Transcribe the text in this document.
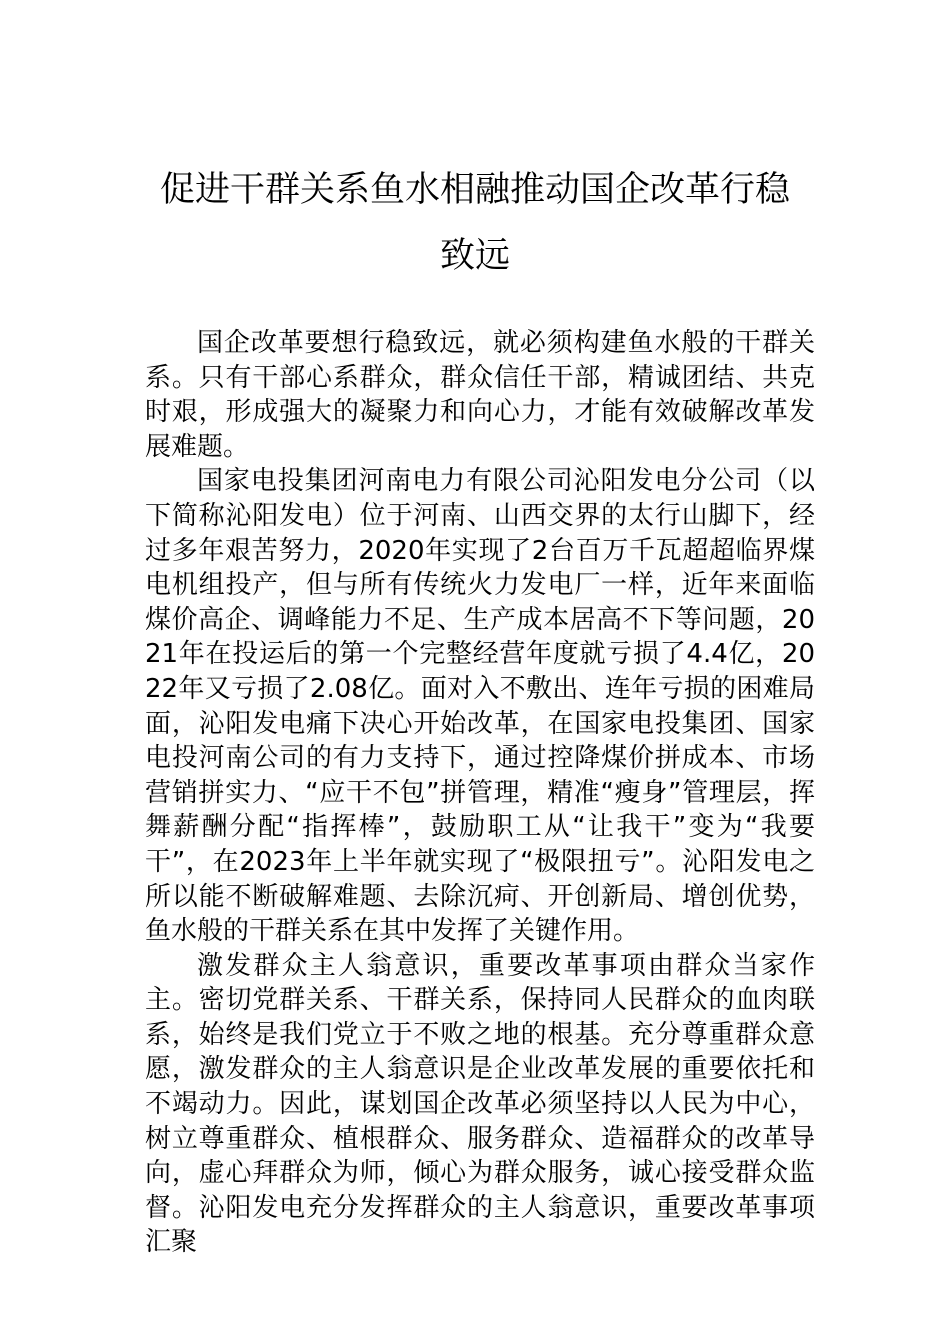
促进干群关系鱼水相融推动国企改革行稳
致远

国企改革要想行稳致远，就必须构建鱼水般的干群关系。只有干部心系群众，群众信任干部，精诚团结、共克时艰，形成强大的凝聚力和向心力，才能有效破解改革发展难题。

国家电投集团河南电力有限公司沁阳发电分公司（以下简称沁阳发电）位于河南、山西交界的太行山脚下，经过多年艰苦努力，2020年实现了2台百万千瓦超超临界煤电机组投产，但与所有传统火力发电厂一样，近年来面临煤价高企、调峰能力不足、生产成本居高不下等问题，2021年在投运后的第一个完整经营年度就亏损了4.4亿，2022年又亏损了2.08亿。面对入不敷出、连年亏损的困难局面，沁阳发电痛下决心开始改革，在国家电投集团、国家电投河南公司的有力支持下，通过控降煤价拼成本、市场营销拼实力、“应干不包”拼管理，精准“瘦身”管理层，挥舞薪酬分配“指挥棒”，鼓励职工从“让我干”变为“我要干”，在2023年上半年就实现了“极限扭亏”。沁阳发电之所以能不断破解难题、去除沉疴、开创新局、增创优势，鱼水般的干群关系在其中发挥了关键作用。

激发群众主人翁意识，重要改革事项由群众当家作主。密切党群关系、干群关系，保持同人民群众的血肉联系，始终是我们党立于不败之地的根基。充分尊重群众意愿，激发群众的主人翁意识是企业改革发展的重要依托和不竭动力。因此，谋划国企改革必须坚持以人民为中心，树立尊重群众、植根群众、服务群众、造福群众的改革导向，虚心拜群众为师，倾心为群众服务，诚心接受群众监督。沁阳发电充分发挥群众的主人翁意识，重要改革事项汇聚
